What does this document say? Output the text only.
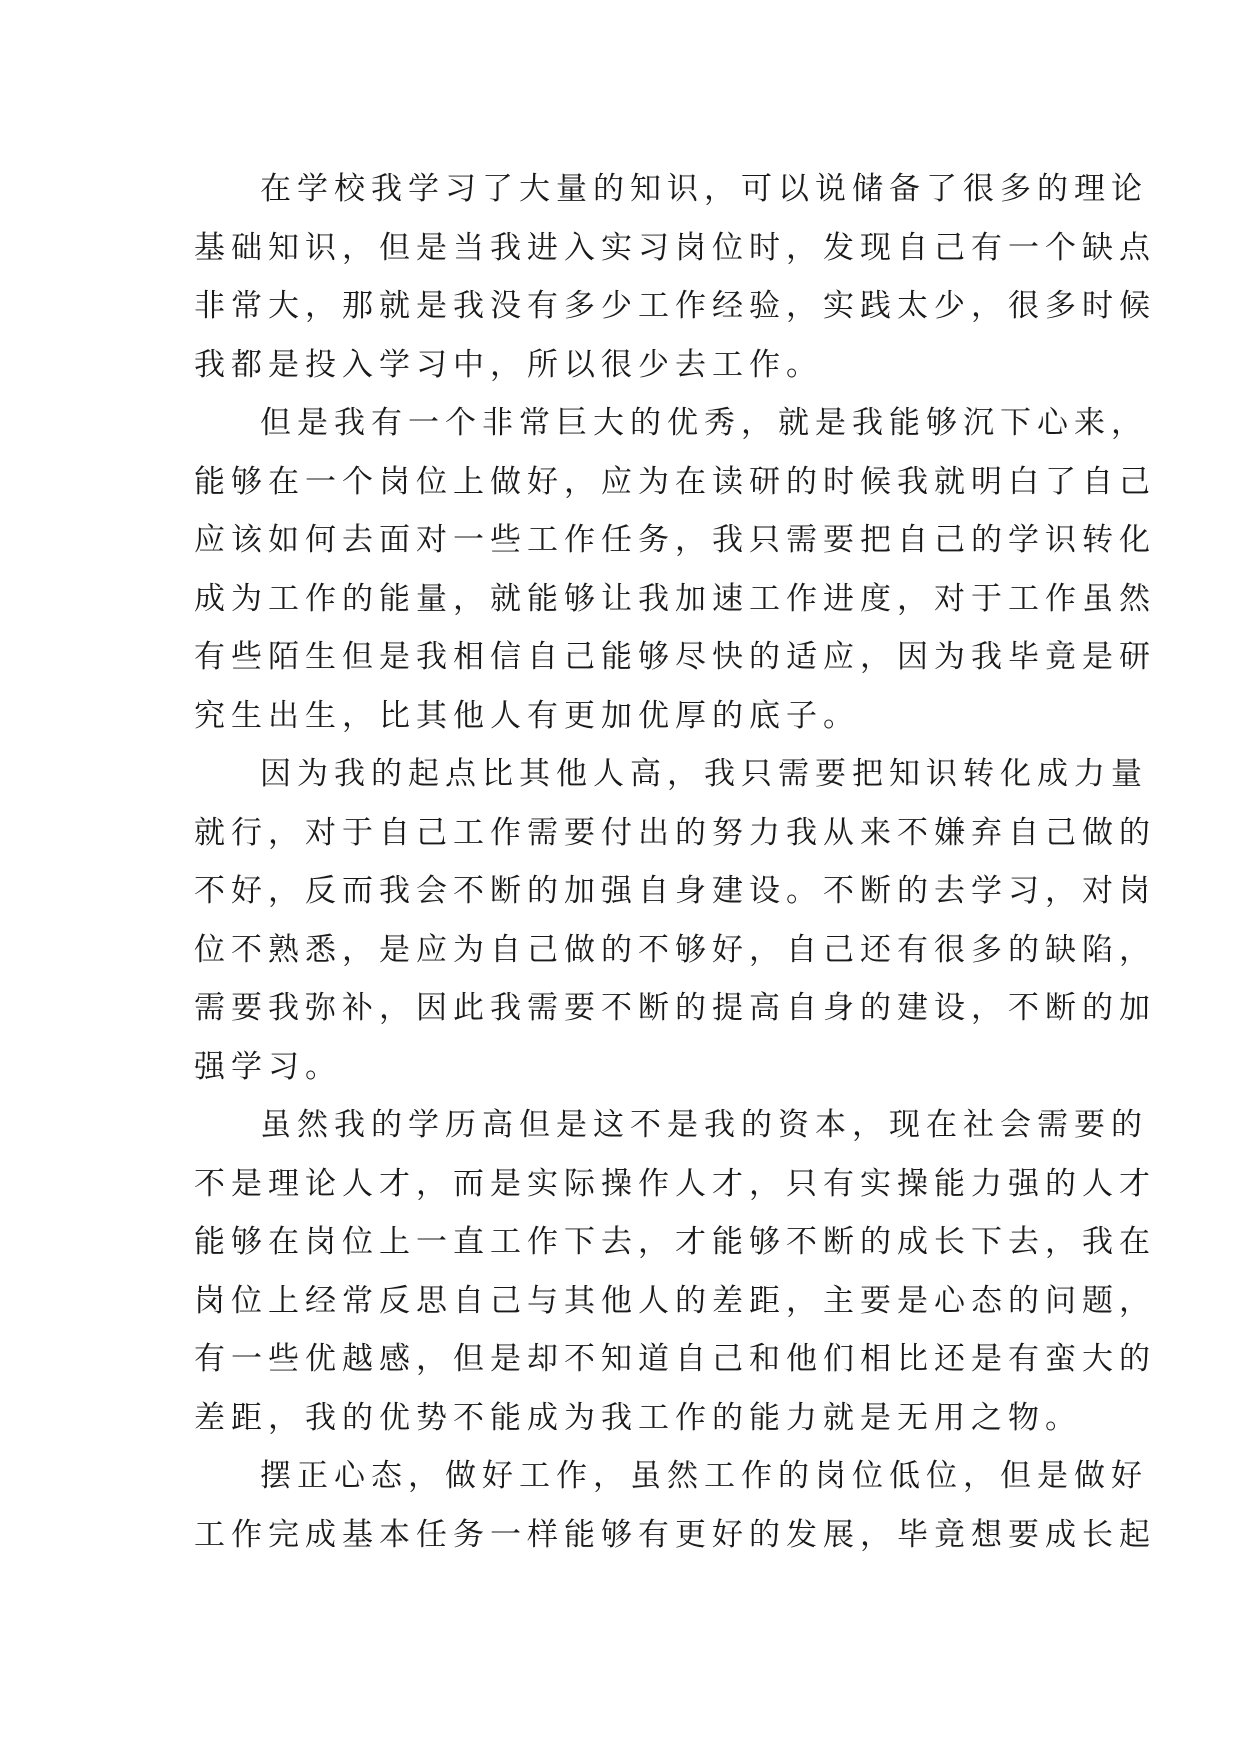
在学校我学习了大量的知识，可以说储备了很多的理论
基础知识，但是当我进入实习岗位时，发现自己有一个缺点
非常大，那就是我没有多少工作经验，实践太少，很多时候
我都是投入学习中，所以很少去工作。
但是我有一个非常巨大的优秀，就是我能够沉下心来，
能够在一个岗位上做好，应为在读研的时候我就明白了自己
应该如何去面对一些工作任务，我只需要把自己的学识转化
成为工作的能量，就能够让我加速工作进度，对于工作虽然
有些陌生但是我相信自己能够尽快的适应，因为我毕竟是研
究生出生，比其他人有更加优厚的底子。
因为我的起点比其他人高，我只需要把知识转化成力量
就行，对于自己工作需要付出的努力我从来不嫌弃自己做的
不好，反而我会不断的加强自身建设。不断的去学习，对岗
位不熟悉，是应为自己做的不够好，自己还有很多的缺陷，
需要我弥补，因此我需要不断的提高自身的建设，不断的加
强学习。
虽然我的学历高但是这不是我的资本，现在社会需要的
不是理论人才，而是实际操作人才，只有实操能力强的人才
能够在岗位上一直工作下去，才能够不断的成长下去，我在
岗位上经常反思自己与其他人的差距，主要是心态的问题，
有一些优越感，但是却不知道自己和他们相比还是有蛮大的
差距，我的优势不能成为我工作的能力就是无用之物。
摆正心态，做好工作，虽然工作的岗位低位，但是做好
工作完成基本任务一样能够有更好的发展，毕竟想要成长起
